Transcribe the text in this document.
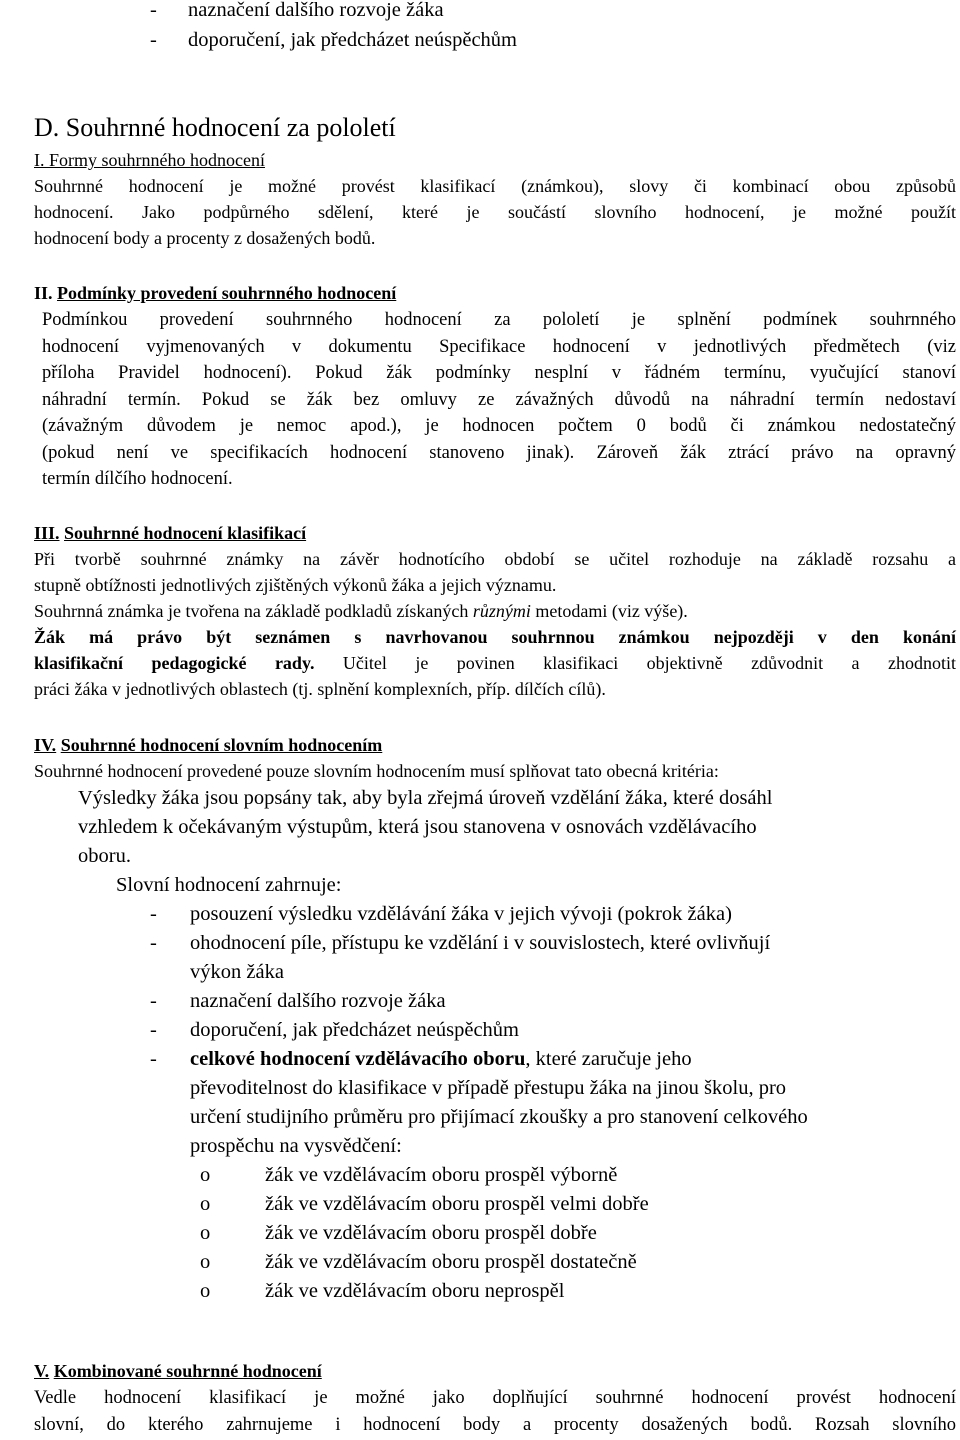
- naznačení dalšího rozvoje žáka
- doporučení, jak předcházet neúspěchům
D. Souhrnné hodnocení za pololetí
I. Formy souhrnného hodnocení
Souhrnné hodnocení je možné provést klasifikací (známkou), slovy či kombinací obou způsobů
hodnocení. Jako podpůrného sdělení, které je součástí slovního hodnocení, je možné použít
hodnocení body a procenty z dosažených bodů.
II. Podmínky provedení souhrnného hodnocení
Podmínkou provedení souhrnného hodnocení za pololetí je splnění podmínek souhrnného
hodnocení vyjmenovaných v dokumentu Specifikace hodnocení v jednotlivých předmětech (viz
příloha Pravidel hodnocení). Pokud žák podmínky nesplní v řádném termínu, vyučující stanoví
náhradní termín. Pokud se žák bez omluvy ze závažných důvodů na náhradní termín nedostaví
(závažným důvodem je nemoc apod.), je hodnocen počtem 0 bodů či známkou nedostatečný
(pokud není ve specifikacích hodnocení stanoveno jinak). Zároveň žák ztrácí právo na opravný
termín dílčího hodnocení.
III. Souhrnné hodnocení klasifikací
Při tvorbě souhrnné známky na závěr hodnotícího období se učitel rozhoduje na základě rozsahu a
stupně obtížnosti jednotlivých zjištěných výkonů žáka a jejich významu.
Souhrnná známka je tvořena na základě podkladů získaných různými metodami (viz výše).
Žák má právo být seznámen s navrhovanou souhrnnou známkou nejpozději v den konání
klasifikační pedagogické rady. Učitel je povinen klasifikaci objektivně zdůvodnit a zhodnotit
práci žáka v jednotlivých oblastech (tj. splnění komplexních, příp. dílčích cílů).
IV. Souhrnné hodnocení slovním hodnocením
Souhrnné hodnocení provedené pouze slovním hodnocením musí splňovat tato obecná kritéria:
Výsledky žáka jsou popsány tak, aby byla zřejmá úroveň vzdělání žáka, které dosáhl
vzhledem k očekávaným výstupům, která jsou stanovena v osnovách vzdělávacího
oboru.
Slovní hodnocení zahrnuje:
- posouzení výsledku vzdělávání žáka v jejich vývoji (pokrok žáka)
- ohodnocení píle, přístupu ke vzdělání i v souvislostech, které ovlivňují
výkon žáka
- naznačení dalšího rozvoje žáka
- doporučení, jak předcházet neúspěchům
- celkové hodnocení vzdělávacího oboru, které zaručuje jeho
převoditelnost do klasifikace v případě přestupu žáka na jinou školu, pro
určení studijního průměru pro přijímací zkoušky a pro stanovení celkového
prospěchu na vysvědčení:
o	žák ve vzdělávacím oboru prospěl výborně
o	žák ve vzdělávacím oboru prospěl velmi dobře
o	žák ve vzdělávacím oboru prospěl dobře
o	žák ve vzdělávacím oboru prospěl dostatečně
o	žák ve vzdělávacím oboru neprospěl
V. Kombinované souhrnné hodnocení
Vedle hodnocení klasifikací je možné jako doplňující souhrnné hodnocení provést hodnocení
slovní, do kterého zahrnujeme i hodnocení body a procenty dosažených bodů. Rozsah slovního
